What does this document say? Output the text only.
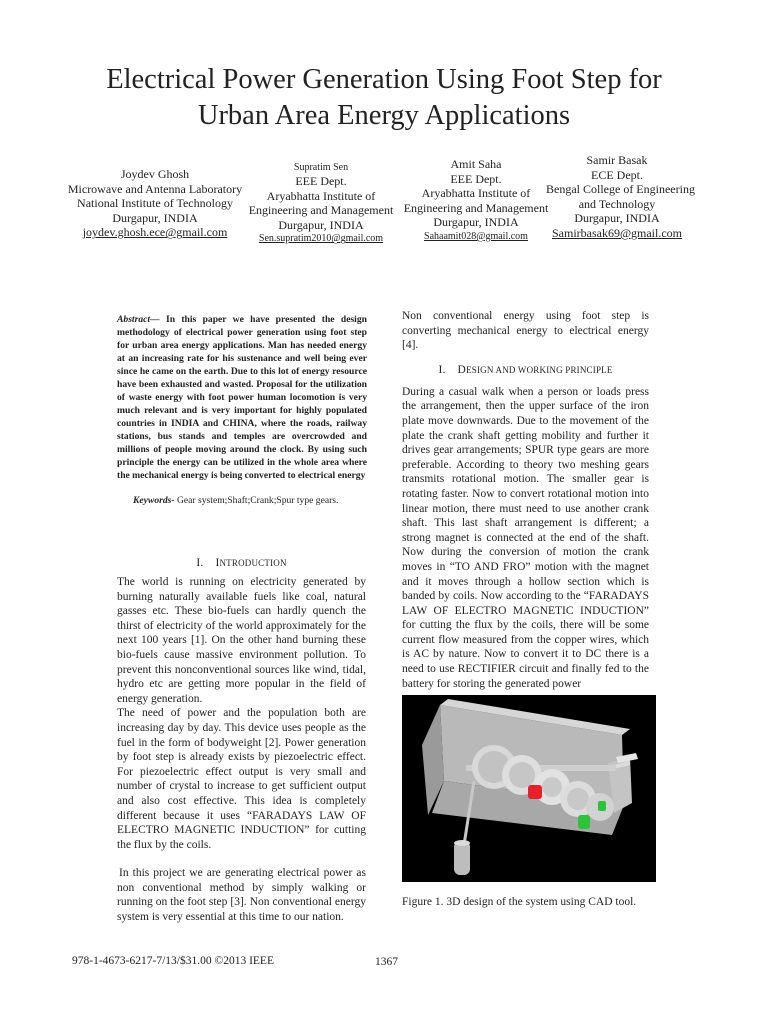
Electrical Power Generation Using Foot Step for
Urban Area Energy Applications
Joydev Ghosh
Microwave and Antenna Laboratory
National Institute of Technology
Durgapur, INDIA
joydev.ghosh.ece@gmail.com
Supratim Sen
EEE Dept.
Aryabhatta Institute of
Engineering and Management
Durgapur, INDIA
Sen.supratim2010@gmail.com
Amit Saha
EEE Dept.
Aryabhatta Institute of
Engineering and Management
Durgapur, INDIA
Sahaamit028@gmail.com
Samir Basak
ECE Dept.
Bengal College of Engineering
and Technology
Durgapur, INDIA
Samirbasak69@gmail.com

Abstract— In this paper we have presented the design methodology of electrical power generation using foot step for urban area energy applications. Man has needed energy at an increasing rate for his sustenance and well being ever since he came on the earth. Due to this lot of energy resource have been exhausted and wasted. Proposal for the utilization of waste energy with foot power human locomotion is very much relevant and is very important for highly populated countries in INDIA and CHINA, where the roads, railway stations, bus stands and temples are overcrowded and millions of people moving around the clock. By using such principle the energy can be utilized in the whole area where the mechanical energy is being converted to electrical energy

Keywords- Gear system;Shaft;Crank;Spur type gears.

I. INTRODUCTION

The world is running on electricity generated by burning naturally available fuels like coal, natural gasses etc. These bio-fuels can hardly quench the thirst of electricity of the world approximately for the next 100 years [1]. On the other hand burning these bio-fuels cause massive environment pollution. To prevent this nonconventional sources like wind, tidal, hydro etc are getting more popular in the field of energy generation.

The need of power and the population both are increasing day by day. This device uses people as the fuel in the form of bodyweight [2]. Power generation by foot step is already exists by piezoelectric effect. For piezoelectric effect output is very small and number of crystal to increase to get sufficient output and also cost effective. This idea is completely different because it uses “FARADAYS LAW OF ELECTRO MAGNETIC INDUCTION” for cutting the flux by the coils.

In this project we are generating electrical power as non conventional method by simply walking or running on the foot step [3]. Non conventional energy system is very essential at this time to our nation.

Non conventional energy using foot step is converting mechanical energy to electrical energy [4].

I. DESIGN AND WORKING PRINCIPLE

During a casual walk when a person or loads press the arrangement, then the upper surface of the iron plate move downwards. Due to the movement of the plate the crank shaft getting mobility and further it drives gear arrangements; SPUR type gears are more preferable. According to theory two meshing gears transmits rotational motion. The smaller gear is rotating faster. Now to convert rotational motion into linear motion, there must need to use another crank shaft. This last shaft arrangement is different; a strong magnet is connected at the end of the shaft. Now during the conversion of motion the crank moves in “TO AND FRO” motion with the magnet and it moves through a hollow section which is banded by coils. Now according to the “FARADAYS LAW OF ELECTRO MAGNETIC INDUCTION” for cutting the flux by the coils, there will be some current flow measured from the copper wires, which is AC by nature. Now to convert it to DC there is a need to use RECTIFIER circuit and finally fed to the battery for storing the generated power

Figure 1. 3D design of the system using CAD tool.
978-1-4673-6217-7/13/$31.00 ©2013 IEEE	1367
